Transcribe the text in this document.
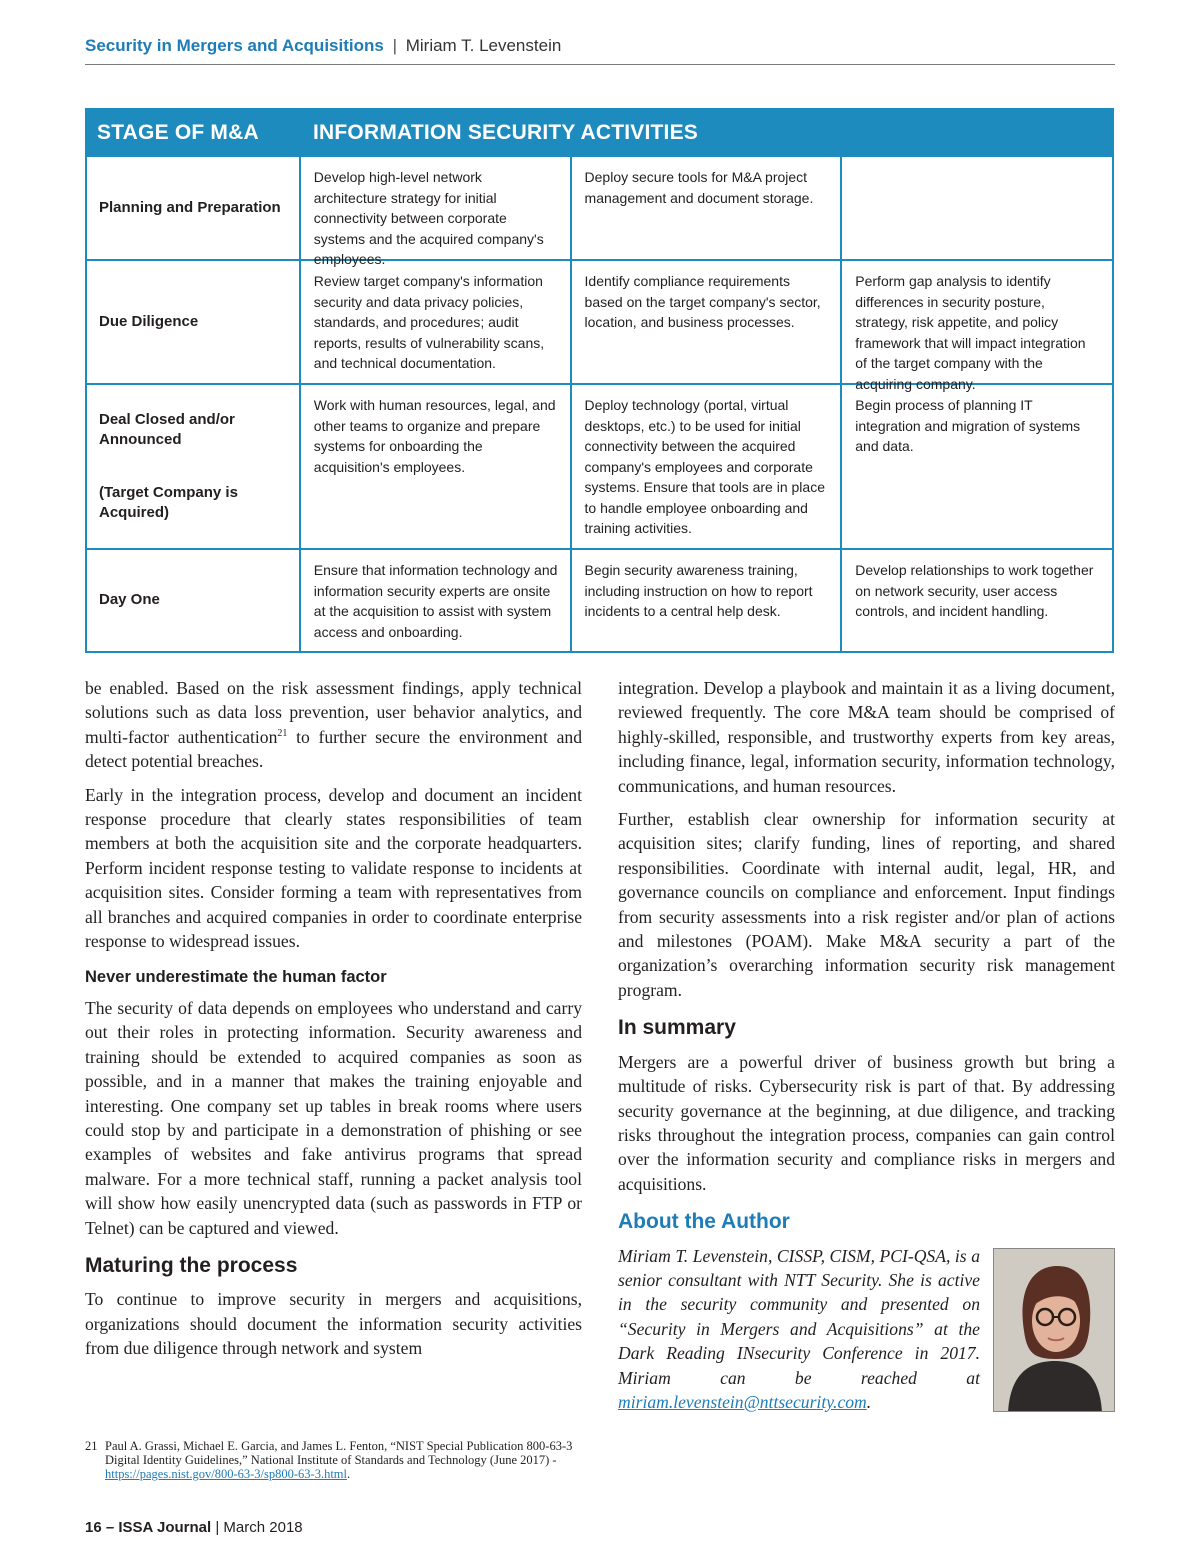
Security in Mergers and Acquisitions | Miriam T. Levenstein
STAGE OF M&A	INFORMATION SECURITY ACTIVITIES
Planning and Preparation
Develop high-level network architecture strategy for initial connectivity between corporate systems and the acquired company's employees.
Deploy secure tools for M&A project management and document storage.
Due Diligence
Review target company's information security and data privacy policies, standards, and procedures; audit reports, results of vulnerability scans, and technical documentation.
Identify compliance requirements based on the target company's sector, location, and business processes.
Perform gap analysis to identify differences in security posture, strategy, risk appetite, and policy framework that will impact integration of the target company with the acquiring company.
Deal Closed and/or Announced
(Target Company is Acquired)
Work with human resources, legal, and other teams to organize and prepare systems for onboarding the acquisition's employees.
Deploy technology (portal, virtual desktops, etc.) to be used for initial connectivity between the acquired company's employees and corporate systems. Ensure that tools are in place to handle employee onboarding and training activities.
Begin process of planning IT integration and migration of systems and data.
Day One
Ensure that information technology and information security experts are onsite at the acquisition to assist with system access and onboarding.
Begin security awareness training, including instruction on how to report incidents to a central help desk.
Develop relationships to work together on network security, user access controls, and incident handling.

be enabled. Based on the risk assessment findings, apply technical solutions such as data loss prevention, user behavior analytics, and multi-factor authentication$^{21}$ to further secure the environment and detect potential breaches.

Early in the integration process, develop and document an incident response procedure that clearly states responsibilities of team members at both the acquisition site and the corporate headquarters. Perform incident response testing to validate response to incidents at acquisition sites. Consider forming a team with representatives from all branches and acquired companies in order to coordinate enterprise response to widespread issues.

Never underestimate the human factor

The security of data depends on employees who understand and carry out their roles in protecting information. Security awareness and training should be extended to acquired companies as soon as possible, and in a manner that makes the training enjoyable and interesting. One company set up tables in break rooms where users could stop by and participate in a demonstration of phishing or see examples of websites and fake antivirus programs that spread malware. For a more technical staff, running a packet analysis tool will show how easily unencrypted data (such as passwords in FTP or Telnet) can be captured and viewed.

Maturing the process

To continue to improve security in mergers and acquisitions, organizations should document the information security activities from due diligence through network and system

integration. Develop a playbook and maintain it as a living document, reviewed frequently. The core M&A team should be comprised of highly-skilled, responsible, and trustworthy experts from key areas, including finance, legal, information security, information technology, communications, and human resources.

Further, establish clear ownership for information security at acquisition sites; clarify funding, lines of reporting, and shared responsibilities. Coordinate with internal audit, legal, HR, and governance councils on compliance and enforcement. Input findings from security assessments into a risk register and/or plan of actions and milestones (POAM). Make M&A security a part of the organization’s overarching information security risk management program.

In summary

Mergers are a powerful driver of business growth but bring a multitude of risks. Cybersecurity risk is part of that. By addressing security governance at the beginning, at due diligence, and tracking risks throughout the integration process, companies can gain control over the information security and compliance risks in mergers and acquisitions.

About the Author
Miriam T. Levenstein, CISSP, CISM, PCI-QSA, is a senior consultant with NTT Security. She is active in the security community and presented on “Security in Mergers and Acquisitions” at the Dark Reading INsecurity Conference in 2017. Miriam can be reached at miriam.levenstein@nttsecurity.com.
21 Paul A. Grassi, Michael E. Garcia, and James L. Fenton, “NIST Special Publication 800-63-3 Digital Identity Guidelines,” National Institute of Standards and Technology (June 2017) - https://pages.nist.gov/800-63-3/sp800-63-3.html.
16 – ISSA Journal | March 2018
